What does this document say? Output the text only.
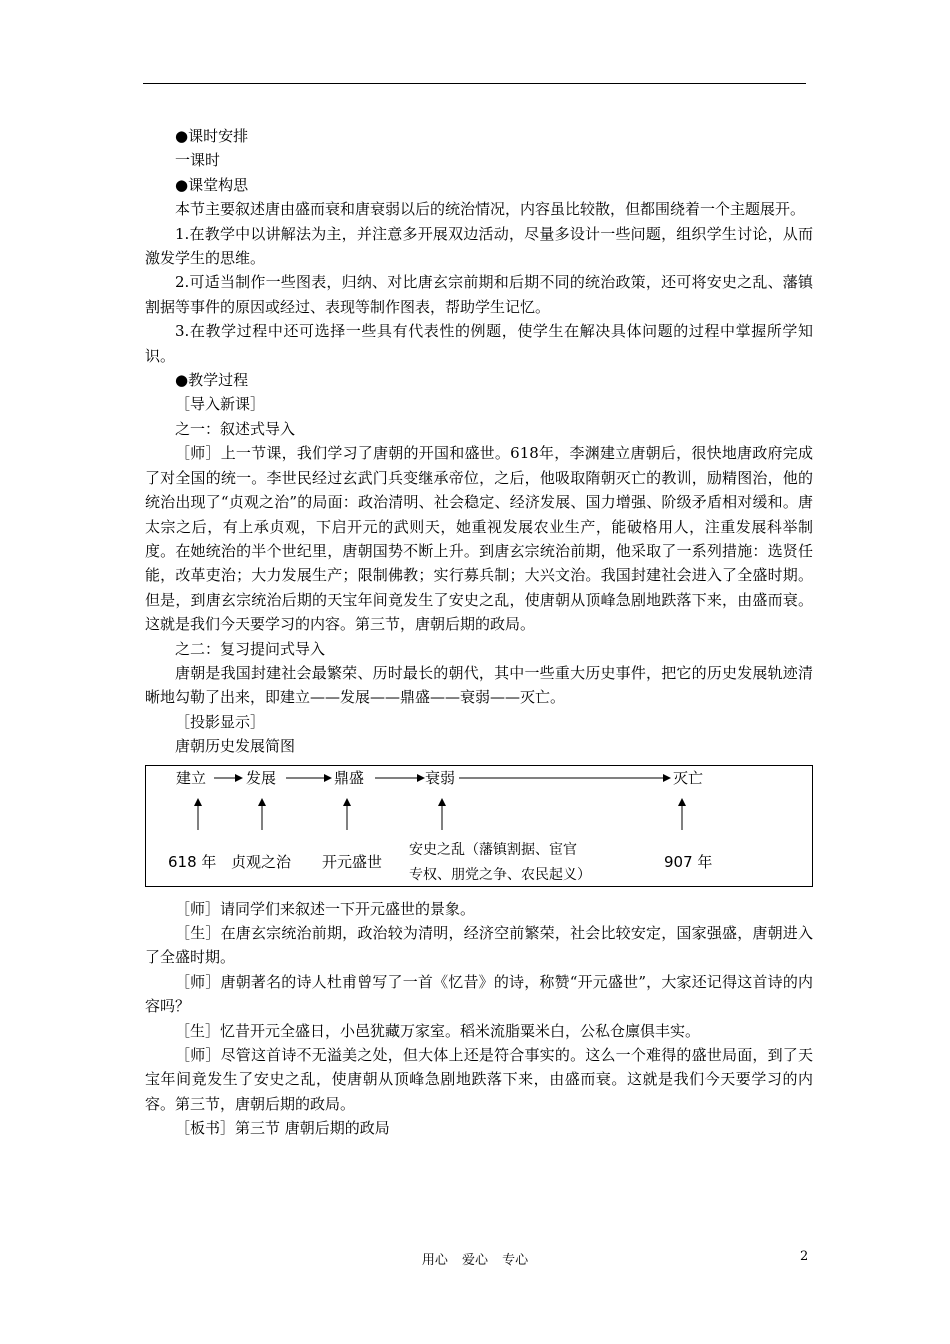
●课时安排

一课时

●课堂构思

本节主要叙述唐由盛而衰和唐衰弱以后的统治情况，内容虽比较散，但都围绕着一个主题展开。

1.在教学中以讲解法为主，并注意多开展双边活动，尽量多设计一些问题，组织学生讨论，从而激发学生的思维。

2.可适当制作一些图表，归纳、对比唐玄宗前期和后期不同的统治政策，还可将安史之乱、藩镇割据等事件的原因或经过、表现等制作图表，帮助学生记忆。

3.在教学过程中还可选择一些具有代表性的例题，使学生在解决具体问题的过程中掌握所学知识。

●教学过程

［导入新课］

之一：叙述式导入

［师］上一节课，我们学习了唐朝的开国和盛世。618年，李渊建立唐朝后，很快地唐政府完成了对全国的统一。李世民经过玄武门兵变继承帝位，之后，他吸取隋朝灭亡的教训，励精图治，他的统治出现了“贞观之治”的局面：政治清明、社会稳定、经济发展、国力增强、阶级矛盾相对缓和。唐太宗之后，有上承贞观，下启开元的武则天，她重视发展农业生产，能破格用人，注重发展科举制度。在她统治的半个世纪里，唐朝国势不断上升。到唐玄宗统治前期，他采取了一系列措施：选贤任能，改革吏治；大力发展生产；限制佛教；实行募兵制；大兴文治。我国封建社会进入了全盛时期。但是，到唐玄宗统治后期的天宝年间竟发生了安史之乱，使唐朝从顶峰急剧地跌落下来，由盛而衰。这就是我们今天要学习的内容。第三节，唐朝后期的政局。

之二：复习提问式导入

唐朝是我国封建社会最繁荣、历时最长的朝代，其中一些重大历史事件，把它的历史发展轨迹清晰地勾勒了出来，即建立——发展——鼎盛——衰弱——灭亡。

［投影显示］

唐朝历史发展简图

建立	发展	鼎盛	衰弱	灭亡
618 年 贞观之治 开元盛世
安史之乱（藩镇割据、宦官
专权、朋党之争、农民起义）
907 年

［师］请同学们来叙述一下开元盛世的景象。

［生］在唐玄宗统治前期，政治较为清明，经济空前繁荣，社会比较安定，国家强盛，唐朝进入了全盛时期。

［师］唐朝著名的诗人杜甫曾写了一首《忆昔》的诗，称赞“开元盛世”，大家还记得这首诗的内容吗？

［生］忆昔开元全盛日，小邑犹藏万家室。稻米流脂粟米白，公私仓廪俱丰实。

［师］尽管这首诗不无溢美之处，但大体上还是符合事实的。这么一个难得的盛世局面，到了天宝年间竟发生了安史之乱，使唐朝从顶峰急剧地跌落下来，由盛而衰。这就是我们今天要学习的内容。第三节，唐朝后期的政局。

［板书］第三节 唐朝后期的政局

用心 爱心 专心	2
